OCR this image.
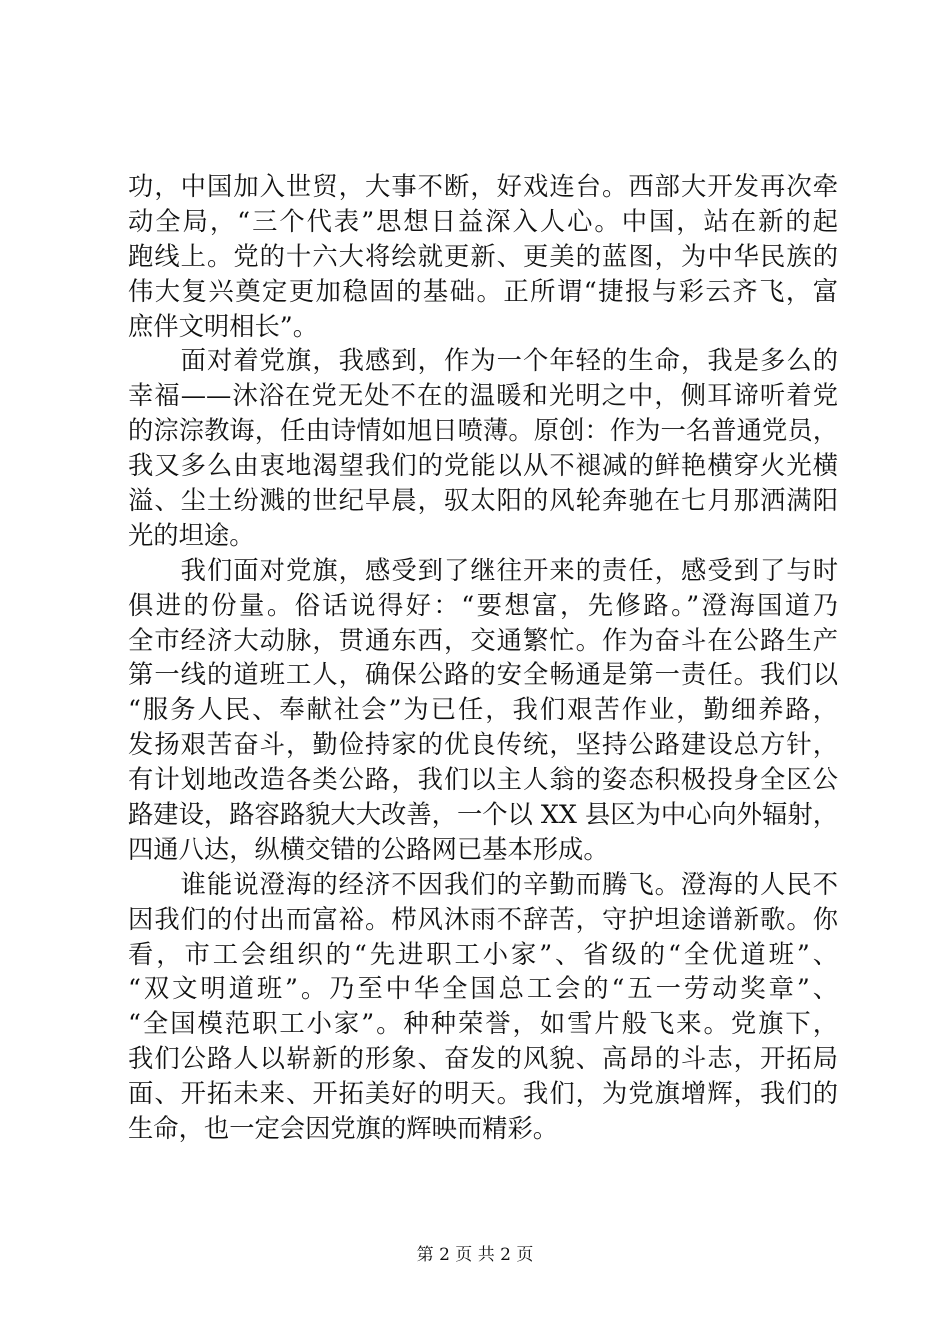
功，中国加入世贸，大事不断，好戏连台。西部大开发再次牵
动全局，“三个代表”思想日益深入人心。中国，站在新的起
跑线上。党的十六大将绘就更新、更美的蓝图，为中华民族的
伟大复兴奠定更加稳固的基础。正所谓“捷报与彩云齐飞，富
庶伴文明相长”。
　　面对着党旗，我感到，作为一个年轻的生命，我是多么的
幸福——沐浴在党无处不在的温暖和光明之中，侧耳谛听着党
的淙淙教诲，任由诗情如旭日喷薄。原创：作为一名普通党员，
我又多么由衷地渴望我们的党能以从不褪减的鲜艳横穿火光横
溢、尘土纷溅的世纪早晨，驭太阳的风轮奔驰在七月那洒满阳
光的坦途。
　　我们面对党旗，感受到了继往开来的责任，感受到了与时
俱进的份量。俗话说得好：“要想富，先修路。”澄海国道乃
全市经济大动脉，贯通东西，交通繁忙。作为奋斗在公路生产
第一线的道班工人，确保公路的安全畅通是第一责任。我们以
“服务人民、奉献社会”为已任，我们艰苦作业，勤细养路，
发扬艰苦奋斗，勤俭持家的优良传统，坚持公路建设总方针，
有计划地改造各类公路，我们以主人翁的姿态积极投身全区公
路建设，路容路貌大大改善，一个以 XX 县区为中心向外辐射，
四通八达，纵横交错的公路网已基本形成。
　　谁能说澄海的经济不因我们的辛勤而腾飞。澄海的人民不
因我们的付出而富裕。栉风沐雨不辞苦，守护坦途谱新歌。你
看，市工会组织的“先进职工小家”、省级的“全优道班”、
“双文明道班”。乃至中华全国总工会的“五一劳动奖章”、
“全国模范职工小家”。种种荣誉，如雪片般飞来。党旗下，
我们公路人以崭新的形象、奋发的风貌、高昂的斗志，开拓局
面、开拓未来、开拓美好的明天。我们，为党旗增辉，我们的
生命，也一定会因党旗的辉映而精彩。
第 2 页 共 2 页
